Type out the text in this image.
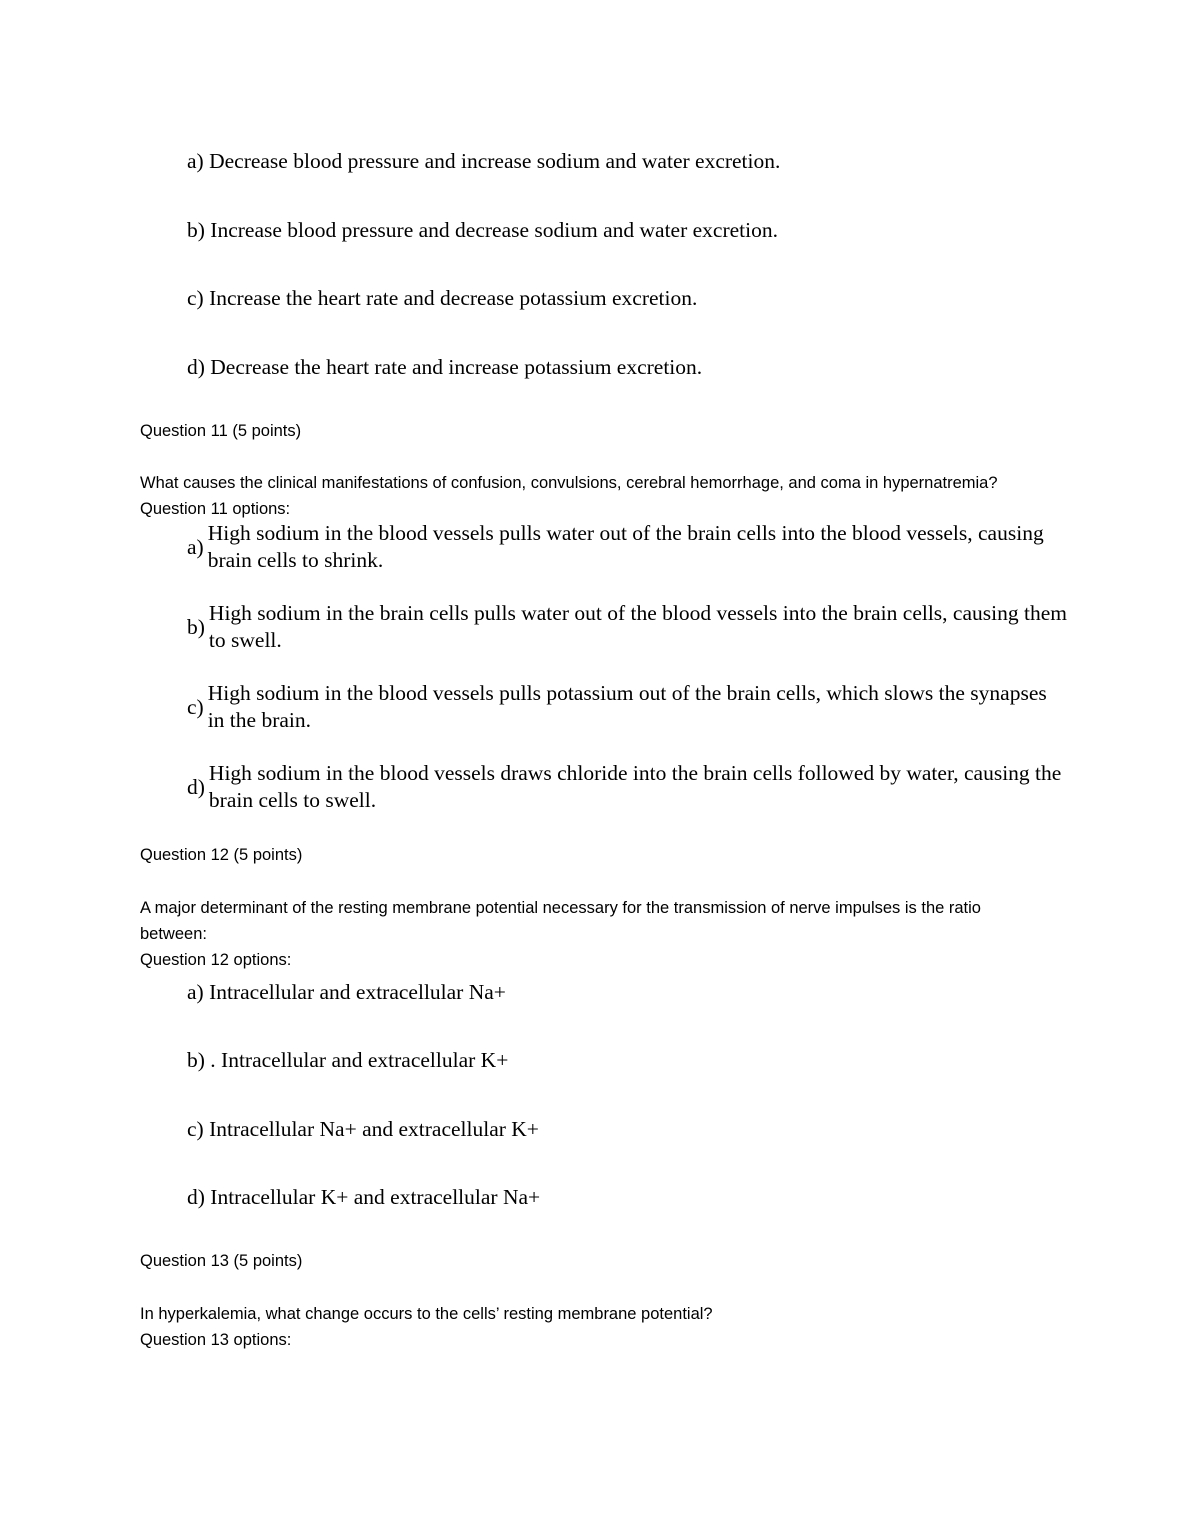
a) Decrease blood pressure and increase sodium and water excretion.
b) Increase blood pressure and decrease sodium and water excretion.
c) Increase the heart rate and decrease potassium excretion.
d) Decrease the heart rate and increase potassium excretion.
Question 11 (5 points)
What causes the clinical manifestations of confusion, convulsions, cerebral hemorrhage, and coma in hypernatremia?
Question 11 options:
a)
High sodium in the blood vessels pulls water out of the brain cells into the blood vessels, causing brain cells to shrink.
b)
High sodium in the brain cells pulls water out of the blood vessels into the brain cells, causing them to swell.
c)
High sodium in the blood vessels pulls potassium out of the brain cells, which slows the synapses in the brain.
d)
High sodium in the blood vessels draws chloride into the brain cells followed by water, causing the brain cells to swell.
Question 12 (5 points)
A major determinant of the resting membrane potential necessary for the transmission of nerve impulses is the ratio between:
Question 12 options:
a) Intracellular and extracellular Na+
b) . Intracellular and extracellular K+
c) Intracellular Na+ and extracellular K+
d) Intracellular K+ and extracellular Na+
Question 13 (5 points)
In hyperkalemia, what change occurs to the cells’ resting membrane potential?
Question 13 options:
